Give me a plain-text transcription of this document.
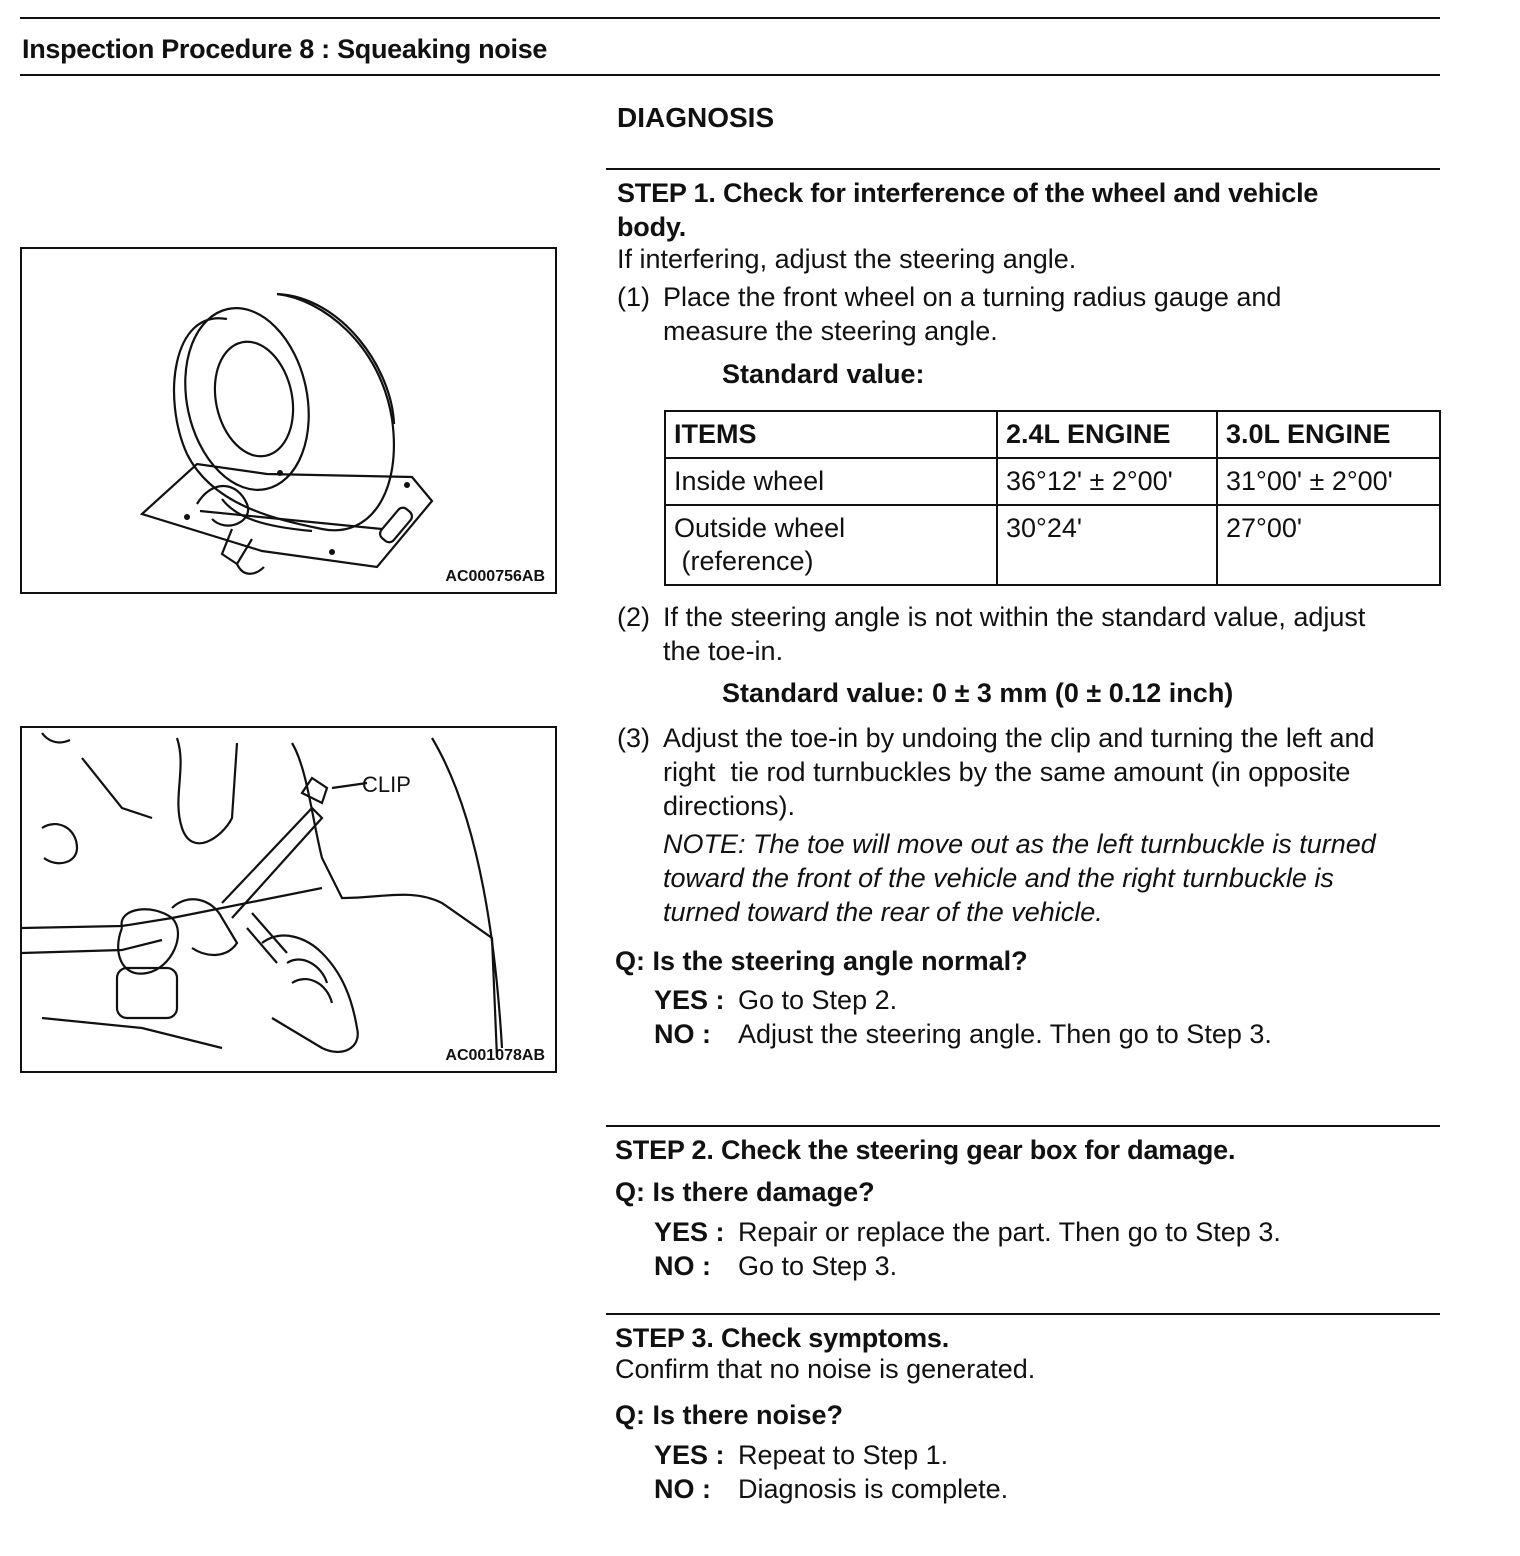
Inspection Procedure 8 : Squeaking noise
DIAGNOSIS
AC000756AB
CLIP
AC001078AB
STEP 1. Check for interference of the wheel and vehicle
body.
If interfering, adjust the steering angle.
(1) Place the front wheel on a turning radius gauge and
measure the steering angle.
Standard value:
ITEMS	2.4L ENGINE	3.0L ENGINE
Inside wheel	36°12' ± 2°00'	31°00' ± 2°00'

Outside wheel
(reference)	30°24'	27°00'
(2) If the steering angle is not within the standard value, adjust
the toe-in.
Standard value: 0 ± 3 mm (0 ± 0.12 inch)
(3) Adjust the toe-in by undoing the clip and turning the left and
right  tie rod turnbuckles by the same amount (in opposite
directions).
NOTE: The toe will move out as the left turnbuckle is turned
toward the front of the vehicle and the right turnbuckle is
turned toward the rear of the vehicle.
Q: Is the steering angle normal?
YES : Go to Step 2.
NO : Adjust the steering angle. Then go to Step 3.
STEP 2. Check the steering gear box for damage.
Q: Is there damage?
YES : Repair or replace the part. Then go to Step 3.
NO : Go to Step 3.
STEP 3. Check symptoms.
Confirm that no noise is generated.
Q: Is there noise?
YES : Repeat to Step 1.
NO : Diagnosis is complete.
